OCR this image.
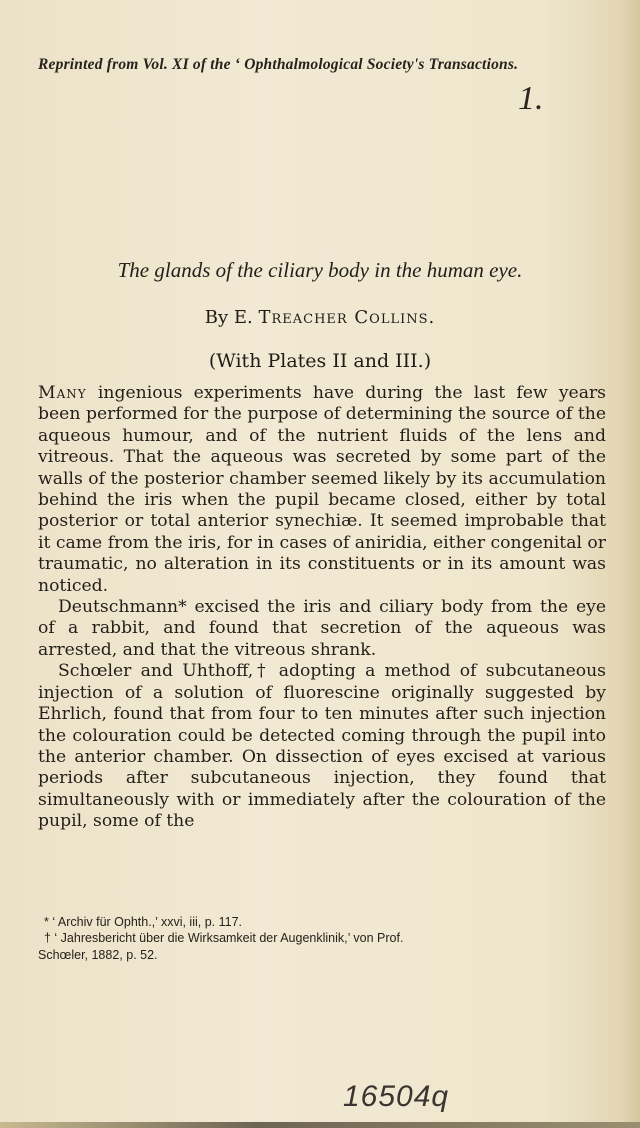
Reprinted from Vol. XI of the ‘ Ophthalmological Society's Transactions.
1.
The glands of the ciliary body in the human eye.
By E. Treacher Collins.
(With Plates II and III.)

Many ingenious experiments have during the last few years been performed for the purpose of determining the source of the aqueous humour, and of the nutrient fluids of the lens and vitreous. That the aqueous was secreted by some part of the walls of the posterior chamber seemed likely by its accumulation behind the iris when the pupil became closed, either by total posterior or total anterior synechiæ. It seemed improbable that it came from the iris, for in cases of aniridia, either congenital or traumatic, no alteration in its constituents or in its amount was noticed.

Deutschmann* excised the iris and ciliary body from the eye of a rabbit, and found that secretion of the aqueous was arrested, and that the vitreous shrank.

Schœler and Uhthoff,† adopting a method of subcutaneous injection of a solution of fluorescine originally suggested by Ehrlich, found that from four to ten minutes after such injection the colouration could be detected coming through the pupil into the anterior chamber. On dissection of eyes excised at various periods after subcutaneous injection, they found that simultaneously with or immediately after the colouration of the pupil, some of the

* ‘ Archiv für Ophth.,’ xxvi, iii, p. 117.

† ‘ Jahresbericht über die Wirksamkeit der Augenklinik,’ von Prof.

Schœler, 1882, p. 52.

16504q
